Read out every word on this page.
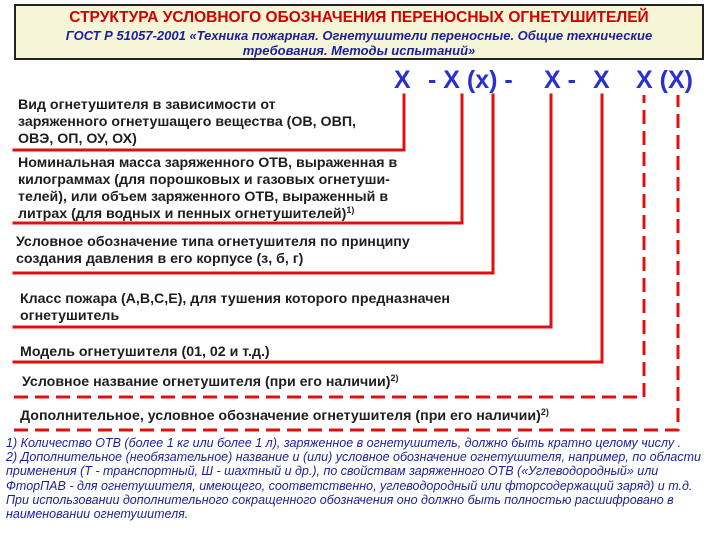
СТРУКТУРА УСЛОВНОГО ОБОЗНАЧЕНИЯ ПЕРЕНОСНЫХ ОГНЕТУШИТЕЛЕЙ
ГОСТ Р 51057-2001 «Техника пожарная. Огнетушители переносные. Общие технические требования. Методы испытаний»
X - X (x) - X - X X (X)
Вид огнетушителя в зависимости от
заряженного огнетушащего вещества (ОВ, ОВП,
ОВЭ, ОП, ОУ, ОХ)
Номинальная масса заряженного ОТВ, выраженная в
килограммах (для порошковых и газовых огнетуши-
телей), или объем заряженного ОТВ, выраженный в
литрах (для водных и пенных огнетушителей)$^{1)}$
Условное обозначение типа огнетушителя по принципу
создания давления в его корпусе (з, б, г)
Класс пожара (А,В,С,Е), для тушения которого предназначен
огнетушитель
Модель огнетушителя (01, 02 и т.д.)
Условное название огнетушителя (при его наличии)$^{2)}$
Дополнительное, условное обозначение огнетушителя (при его наличии)$^{2)}$

1) Количество ОТВ (более 1 кг или более 1 л), заряженное в огнетушитель, должно быть кратно целому числу .

2) Дополнительное (необязательное) название и (или) условное обозначение огнетушителя, например, по области применения (Т - транспортный, Ш - шахтный и др.), по свойствам заряженного ОТВ («Углеводородный» или ФторПАВ - для огнетушителя, имеющего, соответственно, углеводородный или фторсодержащий заряд) и т.д. При использовании дополнительного сокращенного обозначения оно должно быть полностью расшифровано в наименовании огнетушителя.
